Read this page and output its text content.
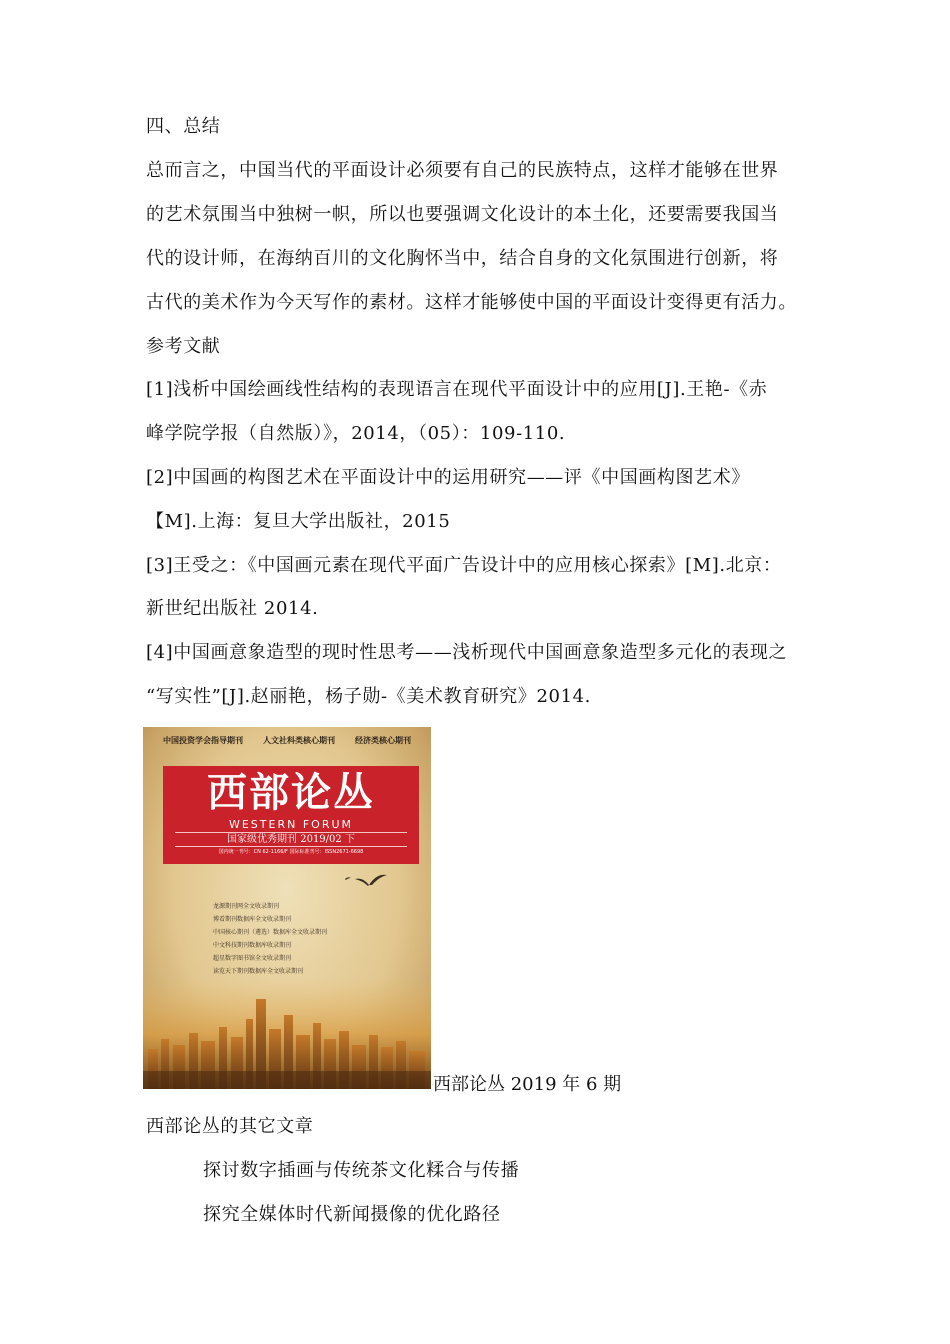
四、总结
总而言之，中国当代的平面设计必须要有自己的民族特点，这样才能够在世界
的艺术氛围当中独树一帜，所以也要强调文化设计的本土化，还要需要我国当
代的设计师，在海纳百川的文化胸怀当中，结合自身的文化氛围进行创新，将
古代的美术作为今天写作的素材。这样才能够使中国的平面设计变得更有活力。
参考文献
[1]浅析中国绘画线性结构的表现语言在现代平面设计中的应用[J].王艳-《赤
峰学院学报（自然版）》，2014，（05）：109-110.
[2]中国画的构图艺术在平面设计中的运用研究——评《中国画构图艺术》
【M].上海：复旦大学出版社，2015
[3]王受之：《中国画元素在现代平面广告设计中的应用核心探索》[M].北京：
新世纪出版社 2014.
[4]中国画意象造型的现时性思考——浅析现代中国画意象造型多元化的表现之
“写实性”[J].赵丽艳，杨子勋-《美术教育研究》2014.
中国投资学会指导期刊	人文社科类核心期刊	经济类核心期刊
西部论丛
WESTERN FORUM
国家级优秀期刊 2019/02 下
国内统一刊号：CN 62-1166/F 国际标准刊号：ISSN2671-6698
龙源期刊网全文收录期刊
博看期刊数据库全文收录期刊
中国核心期刊（遴选）数据库全文收录期刊
中文科技期刊数据库收录期刊
超星数字图书馆全文收录期刊
读览天下期刊数据库全文收录期刊
西部论丛 2019 年 6 期
西部论丛的其它文章
探讨数字插画与传统茶文化糅合与传播
探究全媒体时代新闻摄像的优化路径
